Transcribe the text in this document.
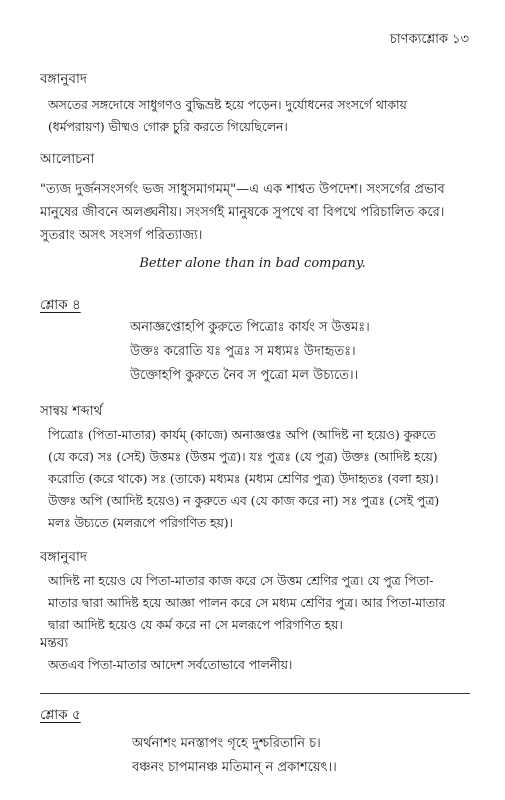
চাণক্যশ্লোক ১৩
বঙ্গানুবাদ

অসতের সঙ্গদোষে সাধুগণও বুদ্ধিভ্রষ্ট হয়ে পড়েন। দুর্যোধনের সংসর্গে থাকায়

(ধর্মপরায়ণ) ভীষ্মও গোরু চুরি করতে গিয়েছিলেন।

আলোচনা

"ত্যজ দুর্জনসংসর্গং ভজ সাধুসমাগমম্"—এ এক শাশ্বত উপদেশ। সংসর্গের প্রভাব

মানুষের জীবনে অলঙ্ঘনীয়। সংসর্গই মানুষকে সুপথে বা বিপথে পরিচালিত করে।

সুতরাং অসৎ সংসর্গ পরিত্যাজ্য।

Better alone than in bad company.
শ্লোক ৪
অনাজ্ঞপ্তোহপি কুরুতে পিত্রোঃ কার্যং স উত্তমঃ।
উক্তঃ করোতি যঃ পুত্রঃ স মধ্যমঃ উদাহৃতঃ।
উক্তোহপি কুরুতে নৈব স পুত্রো মল উচ্যতে।।
সান্বয় শব্দার্থ

পিত্রোঃ (পিতা-মাতার) কার্যম্ (কাজে) অনাজ্ঞপ্তঃ অপি (আদিষ্ট না হয়েও) কুরুতে

(যে করে) সঃ (সেই) উত্তমঃ (উত্তম পুত্র)। যঃ পুত্রঃ (যে পুত্র) উক্তঃ (আদিষ্ট হয়ে)

করোতি (করে থাকে) সঃ (তাকে) মধ্যমঃ (মধ্যম শ্রেণির পুত্র) উদাহৃতঃ (বলা হয়)।

উক্তঃ অপি (আদিষ্ট হয়েও) ন কুরুতে এব (যে কাজ করে না) সঃ পুত্রঃ (সেই পুত্র)

মলঃ উচ্যতে (মলরূপে পরিগণিত হয়)।

বঙ্গানুবাদ

আদিষ্ট না হয়েও যে পিতা-মাতার কাজ করে সে উত্তম শ্রেণির পুত্র। যে পুত্র পিতা-

মাতার দ্বারা আদিষ্ট হয়ে আজ্ঞা পালন করে সে মধ্যম শ্রেণির পুত্র। আর পিতা-মাতার

দ্বারা আদিষ্ট হয়েও যে কর্ম করে না সে মলরূপে পরিগণিত হয়।

মন্তব্য

অতএব পিতা-মাতার আদেশ সর্বতোভাবে পালনীয়।

শ্লোক ৫
অর্থনাশং মনস্তাপং গৃহে দুশ্চরিতানি চ।
বঞ্চনং চাপমানঞ্চ মতিমান্ ন প্রকাশয়েৎ।।
